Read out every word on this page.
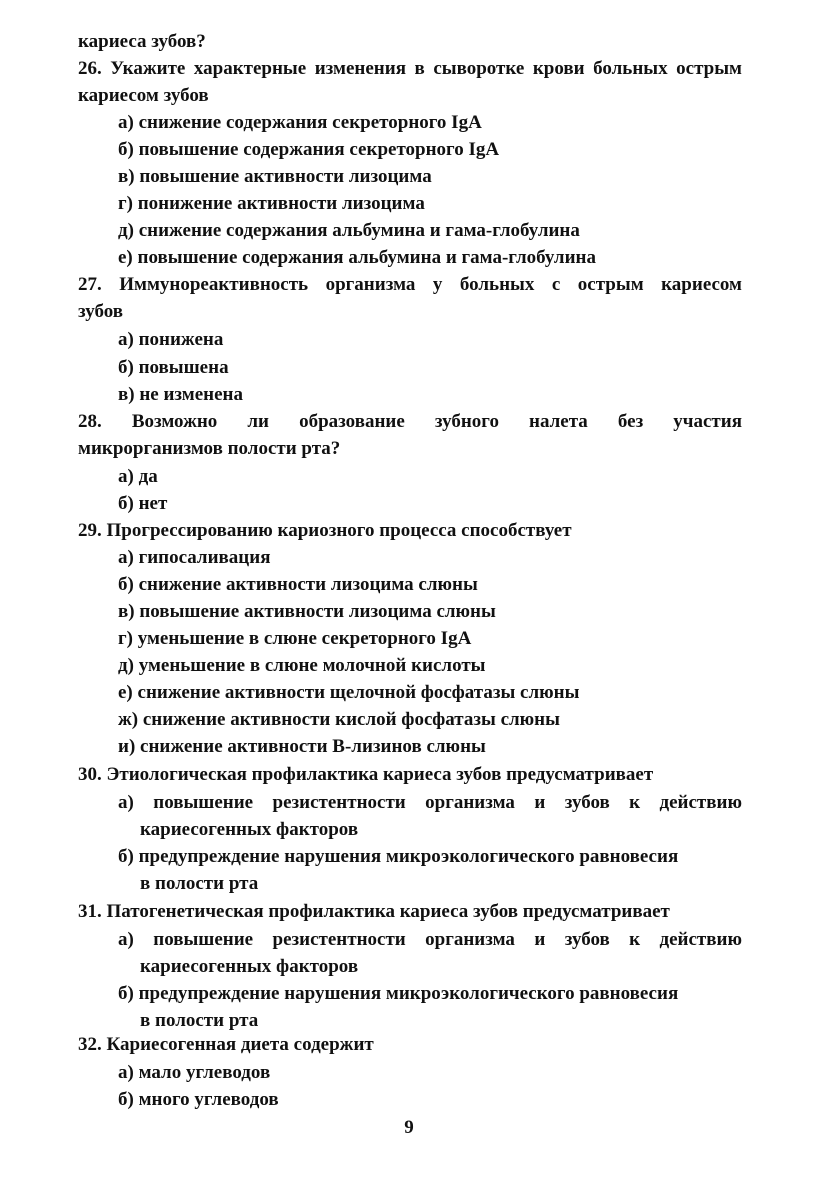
кариеса зубов?
26. Укажите характерные изменения в сыворотке крови больных острым
кариесом зубов
а) снижение содержания секреторного IgA
б) повышение содержания секреторного IgA
в) повышение активности лизоцима
г) понижение активности лизоцима
д) снижение содержания альбумина и гама-глобулина
е) повышение содержания альбумина и гама-глобулина
27. Иммунореактивность организма у больных с острым кариесом
зубов
а) понижена
б) повышена
в) не изменена
28. Возможно ли образование зубного налета без участия
микрорганизмов полости рта?
а) да
б) нет
29. Прогрессированию кариозного процесса способствует
а) гипосаливация
б) снижение активности лизоцима слюны
в) повышение активности лизоцима слюны
г) уменьшение в слюне секреторного IgA
д) уменьшение в слюне молочной кислоты
е) снижение активности щелочной фосфатазы слюны
ж) снижение активности кислой фосфатазы слюны
и) снижение активности В-лизинов слюны
30. Этиологическая профилактика кариеса зубов предусматривает
а) повышение резистентности организма и зубов к действию
кариесогенных факторов
б) предупреждение нарушения микроэкологического равновесия
в полости рта
31. Патогенетическая профилактика кариеса зубов предусматривает
а) повышение резистентности организма и зубов к действию
кариесогенных факторов
б) предупреждение нарушения микроэкологического равновесия
в полости рта
32. Кариесогенная диета содержит
а) мало углеводов
б) много углеводов
9
